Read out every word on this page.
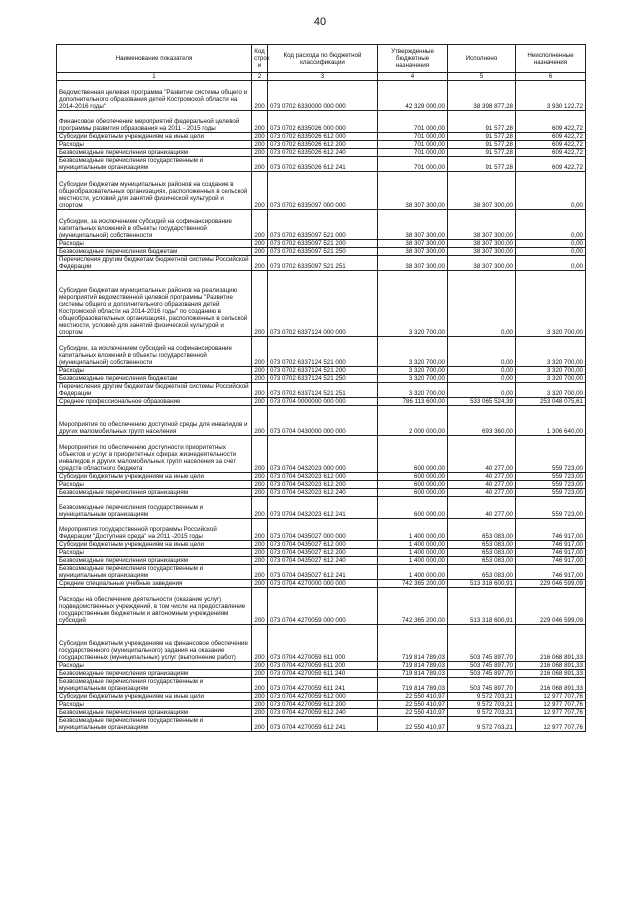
40
Наименование показателя	Код строк и	Код расхода по бюджетной классификации	Утвержденные бюджетные назначения	Исполнено	Неисполненные назначения
1	2	3	4	5	6
Ведомственная целевая программа "Развитие системы общего и дополнительного образования детей Костромской области на 2014-2016 годы"	200	073 0702 6330000 000 000	42 329 000,00	38 398 877,28	3 930 122,72
Финансовое обеспечение мероприятий федеральной целевой программы развития образования на 2011 - 2015 годы	200	073 0702 6335026 000 000	701 000,00	91 577,28	609 422,72
Субсидии бюджетным учреждениям на иные цели	200	073 0702 6335026 612 000	701 000,00	91 577,28	609 422,72
Расходы	200	073 0702 6335026 612 200	701 000,00	91 577,28	609 422,72
Безвозмездные перечисления организациям	200	073 0702 6335026 612 240	701 000,00	91 577,28	609 422,72
Безвозмездные перечисления государственным и муниципальным организациям	200	073 0702 6335026 612 241	701 000,00	91 577,28	609 422,72
Субсидии бюджетам муниципальных районов на создание в общеобразовательных организациях, расположенных в сельской местности, условий для занятий физической культурой и спортом	200	073 0702 6335097 000 000	38 307 300,00	38 307 300,00	0,00
Субсидии, за исключением субсидий на софинансирование капитальных вложений в объекты государственной (муниципальной) собственности	200	073 0702 6335097 521 000	38 307 300,00	38 307 300,00	0,00
Расходы	200	073 0702 6335097 521 200	38 307 300,00	38 307 300,00	0,00
Безвозмездные перечисления бюджетам	200	073 0702 6335097 521 250	38 307 300,00	38 307 300,00	0,00
Перечисления другим бюджетам бюджетной системы Российской Федерации	200	073 0702 6335097 521 251	38 307 300,00	38 307 300,00	0,00
Субсидии бюджетам муниципальных районов на реализацию мероприятий ведомственной целевой программы "Развитие системы общего и дополнительного образования детей Костромской области на 2014-2016 годы" по созданию в общеобразовательных организациях, расположенных в сельской местности, условий для занятий физической культурой и спортом	200	073 0702 6337124 000 000	3 320 700,00	0,00	3 320 700,00
Субсидии, за исключением субсидий на софинансирование капитальных вложений в объекты государственной (муниципальной) собственности	200	073 0702 6337124 521 000	3 320 700,00	0,00	3 320 700,00
Расходы	200	073 0702 6337124 521 200	3 320 700,00	0,00	3 320 700,00
Безвозмездные перечисления бюджетам	200	073 0702 6337124 521 250	3 320 700,00	0,00	3 320 700,00
Перечисления другим бюджетам бюджетной системы Российской Федерации	200	073 0702 6337124 521 251	3 320 700,00	0,00	3 320 700,00
Среднее профессиональное образование	200	073 0704 0000000 000 000	786 113 600,00	533 065 524,39	253 048 075,61
Мероприятия по обеспечению доступной среды для инвалидов и других маломобильных групп населения	200	073 0704 0430000 000 000	2 000 000,00	693 360,00	1 306 640,00
Мероприятия по обеспечению доступности приоритетных объектов и услуг в приоритетных сферах жизнедеятельности инвалидов и других маломобильных групп населения за счет средств областного бюджета	200	073 0704 0432023 000 000	600 000,00	40 277,00	559 723,00
Субсидии бюджетным учреждениям на иные цели	200	073 0704 0432023 612 000	600 000,00	40 277,00	559 723,00
Расходы	200	073 0704 0432023 612 200	600 000,00	40 277,00	559 723,00
Безвозмездные перечисления организациям	200	073 0704 0432023 612 240	600 000,00	40 277,00	559 723,00
Безвозмездные перечисления государственным и муниципальным организациям	200	073 0704 0432023 612 241	600 000,00	40 277,00	559 723,00
Мероприятия государственной программы Российской Федерации "Доступная среда" на 2011 -2015 годы	200	073 0704 0435027 000 000	1 400 000,00	653 083,00	746 917,00
Субсидии бюджетным учреждениям на иные цели	200	073 0704 0435027 612 000	1 400 000,00	653 083,00	746 917,00
Расходы	200	073 0704 0435027 612 200	1 400 000,00	653 083,00	746 917,00
Безвозмездные перечисления организациям	200	073 0704 0435027 612 240	1 400 000,00	653 083,00	746 917,00
Безвозмездные перечисления государственным и муниципальным организациям	200	073 0704 0435027 612 241	1 400 000,00	653 083,00	746 917,00
Средние специальные учебные заведения	200	073 0704 4270000 000 000	742 365 200,00	513 318 600,91	229 046 599,09
Расходы на обеспечение деятельности (оказание услуг) подведомственных учреждений, в том числе на предоставление государственным бюджетным и автономным учреждениям субсидий	200	073 0704 4270059 000 000	742 365 200,00	513 318 600,91	229 046 599,09
Субсидии бюджетным учреждениям на финансовое обеспечение государственного (муниципального) задания на оказание государственных (муниципальных) услуг (выполнение работ)	200	073 0704 4270059 611 000	719 814 789,03	503 745 897,70	216 068 891,33
Расходы	200	073 0704 4270059 611 200	719 814 789,03	503 745 897,70	216 068 891,33
Безвозмездные перечисления организациям	200	073 0704 4270059 611 240	719 814 789,03	503 745 897,70	216 068 891,33
Безвозмездные перечисления государственным и муниципальным организациям	200	073 0704 4270059 611 241	719 814 789,03	503 745 897,70	216 068 891,33
Субсидии бюджетным учреждениям на иные цели	200	073 0704 4270059 612 000	22 550 410,97	9 572 703,21	12 977 707,76
Расходы	200	073 0704 4270059 612 200	22 550 410,97	9 572 703,21	12 977 707,76
Безвозмездные перечисления организациям	200	073 0704 4270059 612 240	22 550 410,97	9 572 703,21	12 977 707,76
Безвозмездные перечисления государственным и муниципальным организациям	200	073 0704 4270059 612 241	22 550 410,97	9 572 703,21	12 977 707,76
